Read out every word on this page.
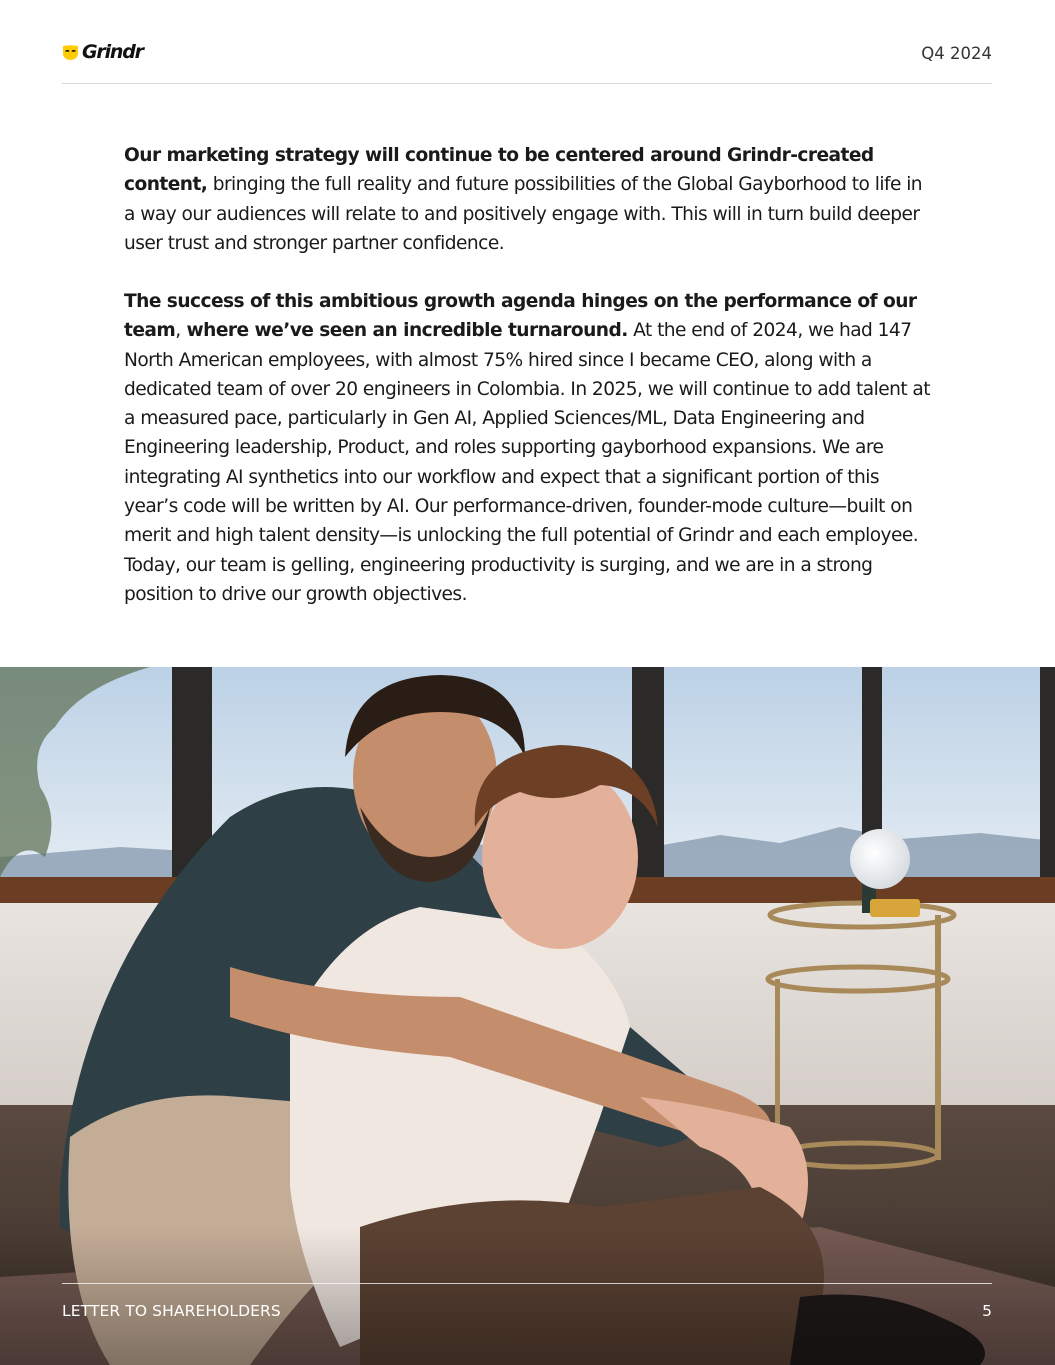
Grindr	Q4 2024
Our marketing strategy will continue to be centered around Grindr-created content, bringing the full reality and future possibilities of the Global Gayborhood to life in a way our audiences will relate to and positively engage with. This will in turn build deeper user trust and stronger partner confidence.
The success of this ambitious growth agenda hinges on the performance of our team, where we’ve seen an incredible turnaround. At the end of 2024, we had 147 North American employees, with almost 75% hired since I became CEO, along with a dedicated team of over 20 engineers in Colombia. In 2025, we will continue to add talent at a measured pace, particularly in Gen AI, Applied Sciences/ML, Data Engineering and Engineering leadership, Product, and roles supporting gayborhood expansions. We are integrating AI synthetics into our workflow and expect that a significant portion of this year’s code will be written by AI. Our performance-driven, founder-mode culture—built on merit and high talent density—is unlocking the full potential of Grindr and each employee. Today, our team is gelling, engineering productivity is surging, and we are in a strong position to drive our growth objectives.
LETTER TO SHAREHOLDERS	5
